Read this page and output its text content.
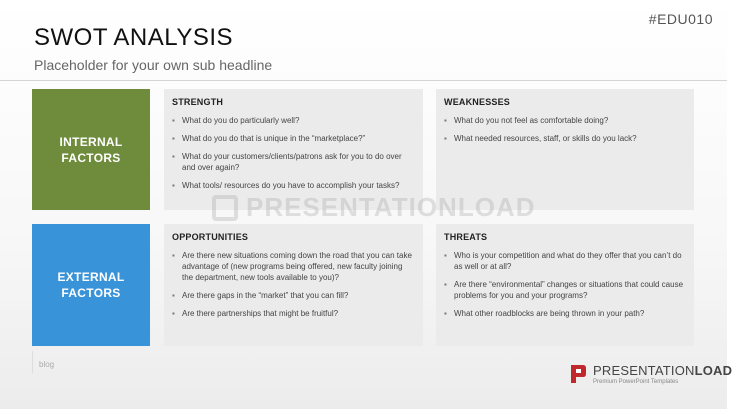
#EDU010
SWOT ANALYSIS
Placeholder for your own sub headline
INTERNAL
FACTORS
EXTERNAL
FACTORS
STRENGTH
▪ What do you do particularly well?
▪ What do you do that is unique in the “marketplace?”
▪ What do your customers/clients/patrons ask for you to do over and over again?
▪ What tools/ resources do you have to accomplish your tasks?
WEAKNESSES
▪ What do you not feel as comfortable doing?
▪ What needed resources, staff, or skills do you lack?
PRESENTATIONLOAD
OPPORTUNITIES
▪ Are there new situations coming down the road that you can take advantage of (new programs being offered, new faculty joining the department, new tools available to you)?
▪ Are there gaps in the “market” that you can fill?
▪ Are there partnerships that might be fruitful?
THREATS
▪ Who is your competition and what do they offer that you can’t do as well or at all?
▪ Are there “environmental” changes or situations that could cause problems for you and your programs?
▪ What other roadblocks are being thrown in your path?
blog	PRESENTATIONLOAD
Premium PowerPoint Templates
